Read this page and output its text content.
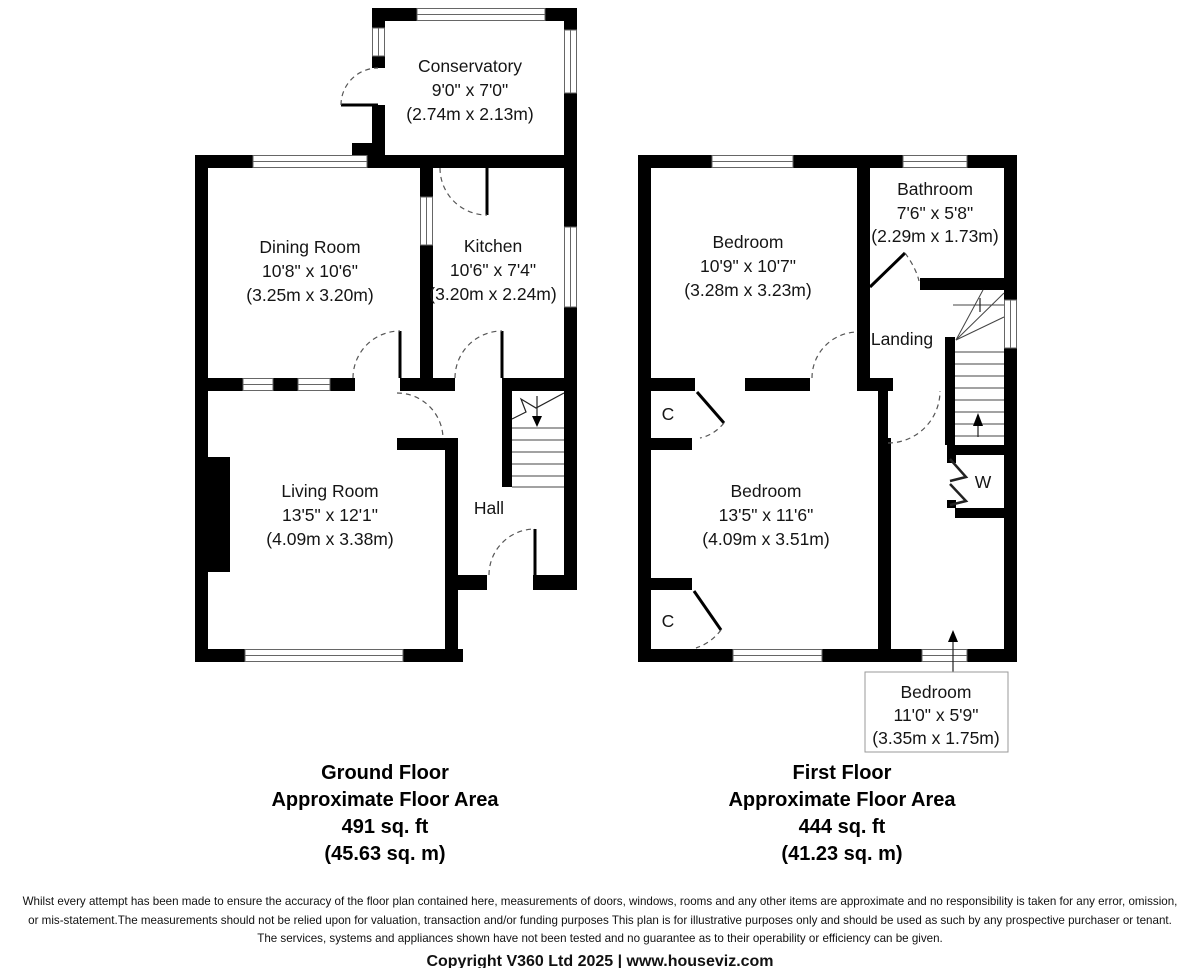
Conservatory
9'0" x 7'0"
(2.74m x 2.13m)
Dining Room
10'8" x 10'6"
(3.25m x 3.20m)
Kitchen
10'6" x 7'4"
(3.20m x 2.24m)
Living Room
13'5" x 12'1"
(4.09m x 3.38m)
Hall
Bedroom
11'0" x 5'9"
(3.35m x 1.75m)
Bedroom
10'9" x 10'7"
(3.28m x 3.23m)
Bathroom
7'6" x 5'8"
(2.29m x 1.73m)
Landing
Bedroom
13'5" x 11'6"
(4.09m x 3.51m)
C
C
W
Ground Floor
Approximate Floor Area
491 sq. ft
(45.63 sq. m)
First Floor
Approximate Floor Area
444 sq. ft
(41.23 sq. m)
Whilst every attempt has been made to ensure the accuracy of the floor plan contained here, measurements of doors, windows, rooms and any other items are approximate and no responsibility is taken for any error, omission,
or mis-statement.The measurements should not be relied upon for valuation, transaction and/or funding purposes This plan is for illustrative purposes only and should be used as such by any prospective purchaser or tenant.
The services, systems and appliances shown have not been tested and no guarantee as to their operability or efficiency can be given.
Copyright V360 Ltd 2025 | www.houseviz.com
